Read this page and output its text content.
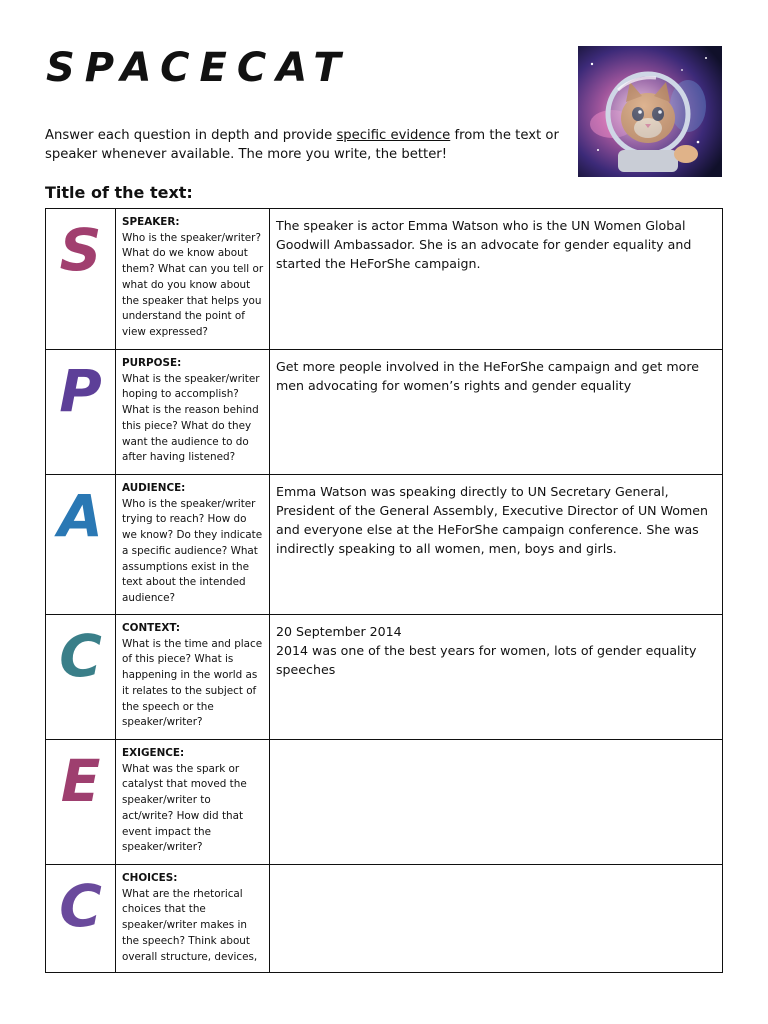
SPACECAT
Answer each question in depth and provide specific evidence from the text or speaker whenever available. The more you write, the better!
Title of the text:
S	SPEAKER:
Who is the speaker/writer? What do we know about them? What can you tell or what do you know about the speaker that helps you understand the point of view expressed?	The speaker is actor Emma Watson who is the UN Women Global Goodwill Ambassador. She is an advocate for gender equality and started the HeForShe campaign.

P	PURPOSE:
What is the speaker/writer hoping to accomplish? What is the reason behind this piece? What do they want the audience to do after having listened?	Get more people involved in the HeForShe campaign and get more men advocating for women’s rights and gender equality

A	AUDIENCE:
Who is the speaker/writer trying to reach? How do we know? Do they indicate a specific audience? What assumptions exist in the text about the intended audience?	Emma Watson was speaking directly to UN Secretary General, President of the General Assembly, Executive Director of UN Women and everyone else at the HeForShe campaign conference. She was indirectly speaking to all women, men, boys and girls.

C	CONTEXT:
What is the time and place of this piece? What is happening in the world as it relates to the subject of the speech or the speaker/writer?	20 September 2014
2014 was one of the best years for women, lots of gender equality speeches

E	EXIGENCE:
What was the spark or catalyst that moved the speaker/writer to act/write? How did that event impact the speaker/writer?	

C	CHOICES:
What are the rhetorical choices that the speaker/writer makes in the speech? Think about overall structure, devices,	
